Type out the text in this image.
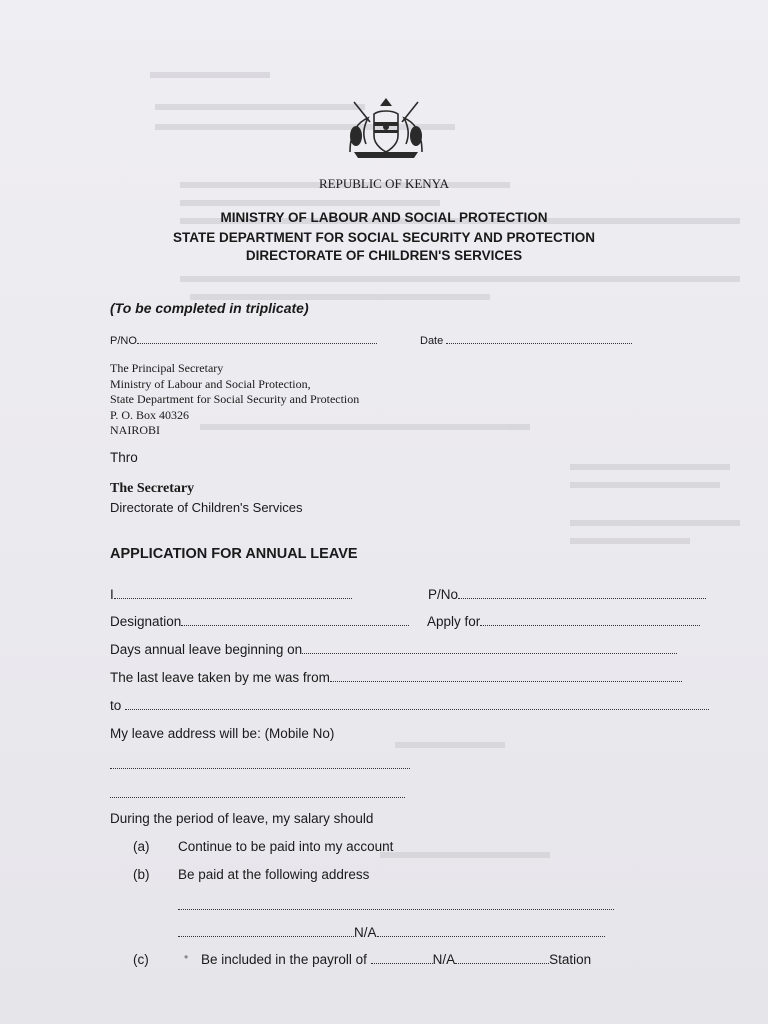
REPUBLIC OF KENYA
MINISTRY OF LABOUR AND SOCIAL PROTECTION
STATE DEPARTMENT FOR SOCIAL SECURITY AND PROTECTION
DIRECTORATE OF CHILDREN'S SERVICES
(To be completed in triplicate)
P/NO	Date
The Principal Secretary
Ministry of Labour and Social Protection,
State Department for Social Security and Protection
P. O. Box 40326
NAIROBI
Thro
The Secretary
Directorate of Children's Services
APPLICATION FOR ANNUAL LEAVE
I	P/No
Designation	Apply for
Days annual leave beginning on
The last leave taken by me was from
to
My leave address will be: (Mobile No)
During the period of leave, my salary should
(a) Continue to be paid into my account
(b) Be paid at the following address
N/A
(c)	• Be included in the payroll of	N/A	Station
